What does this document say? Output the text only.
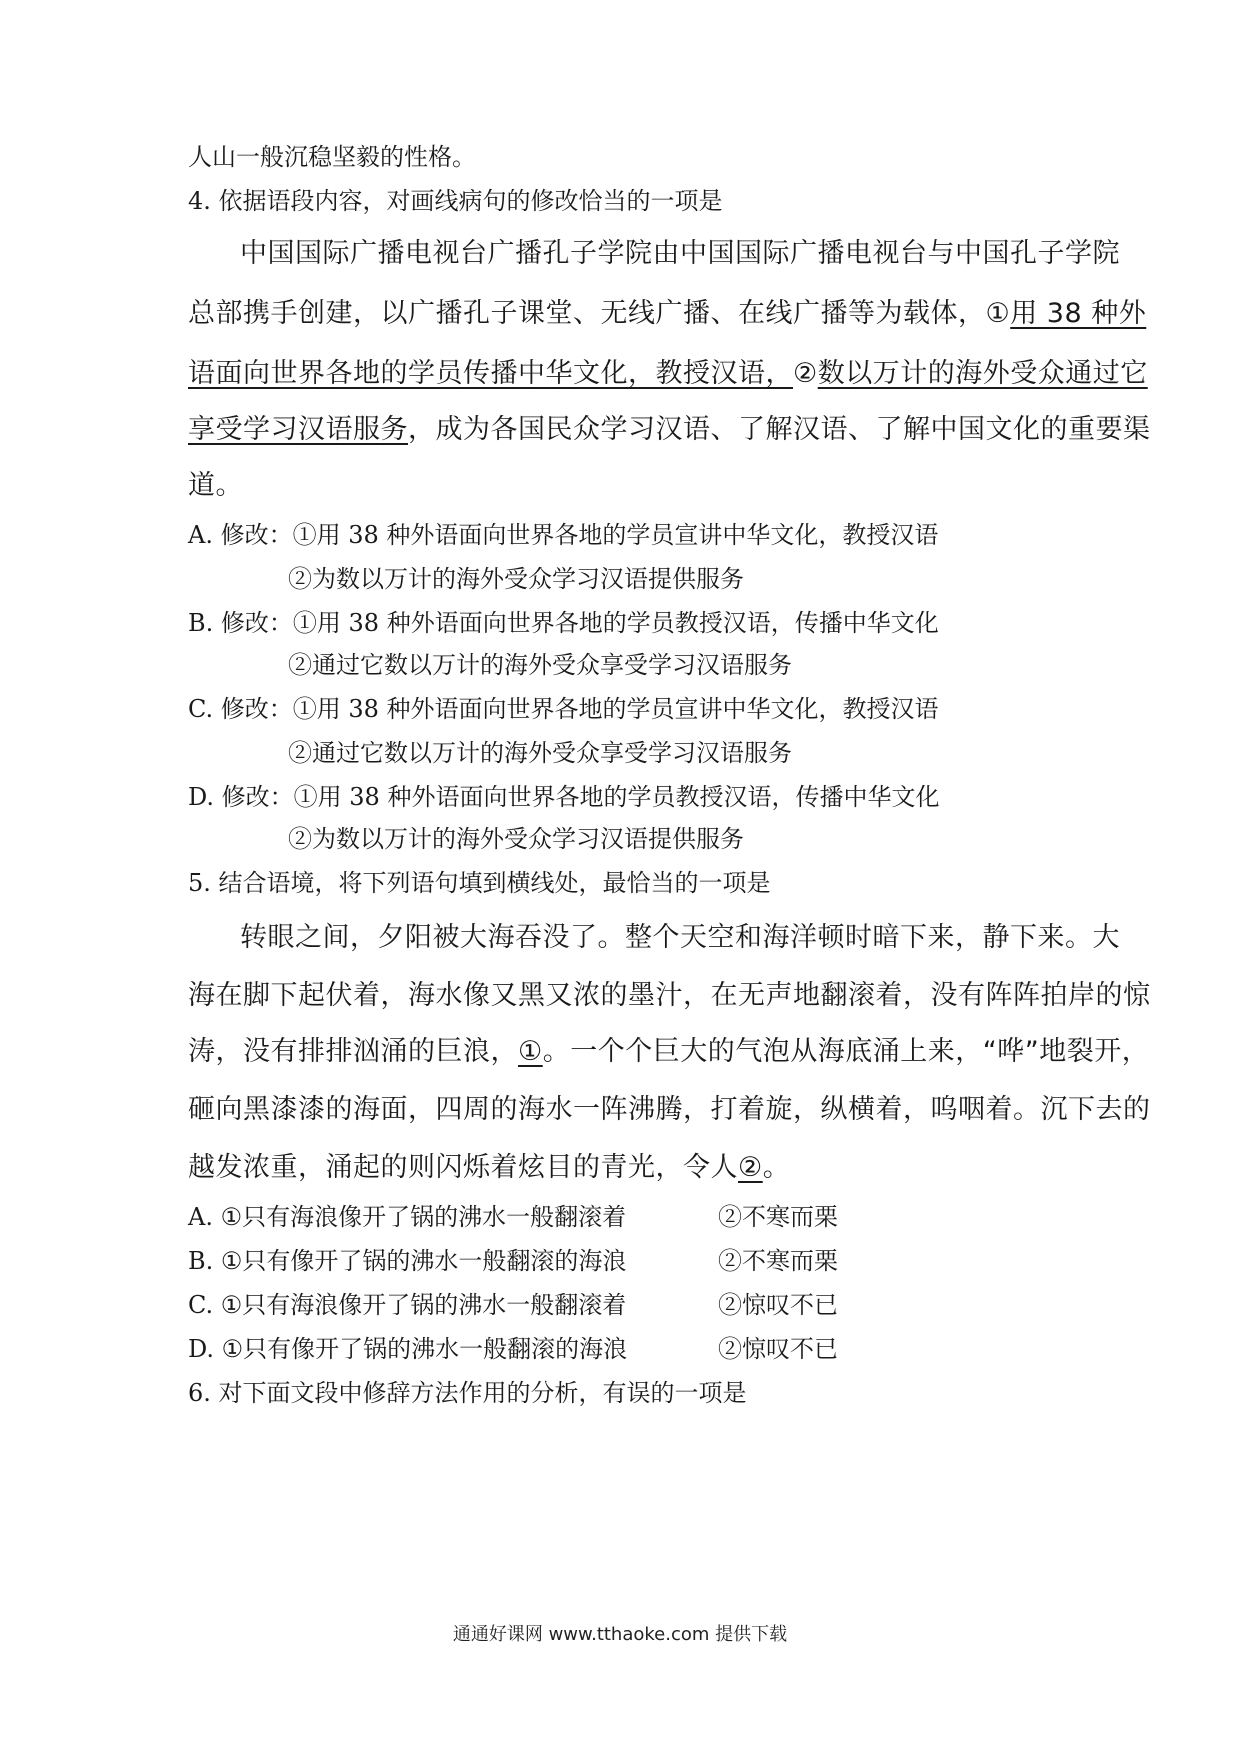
人山一般沉稳坚毅的性格。
4. 依据语段内容，对画线病句的修改恰当的一项是
中国国际广播电视台广播孔子学院由中国国际广播电视台与中国孔子学院
总部携手创建，以广播孔子课堂、无线广播、在线广播等为载体，①用 38 种外
语面向世界各地的学员传播中华文化，教授汉语，②数以万计的海外受众通过它
享受学习汉语服务，成为各国民众学习汉语、了解汉语、了解中国文化的重要渠
道。
A. 修改：①用 38 种外语面向世界各地的学员宣讲中华文化，教授汉语
②为数以万计的海外受众学习汉语提供服务
B. 修改：①用 38 种外语面向世界各地的学员教授汉语，传播中华文化
②通过它数以万计的海外受众享受学习汉语服务
C. 修改：①用 38 种外语面向世界各地的学员宣讲中华文化，教授汉语
②通过它数以万计的海外受众享受学习汉语服务
D. 修改：①用 38 种外语面向世界各地的学员教授汉语，传播中华文化
②为数以万计的海外受众学习汉语提供服务
5. 结合语境，将下列语句填到横线处，最恰当的一项是
转眼之间，夕阳被大海吞没了。整个天空和海洋顿时暗下来，静下来。大
海在脚下起伏着，海水像又黑又浓的墨汁，在无声地翻滚着，没有阵阵拍岸的惊
涛，没有排排汹涌的巨浪，①。一个个巨大的气泡从海底涌上来，“哗”地裂开，
砸向黑漆漆的海面，四周的海水一阵沸腾，打着旋，纵横着，呜咽着。沉下去的
越发浓重，涌起的则闪烁着炫目的青光，令人②。
A. ①只有海浪像开了锅的沸水一般翻滚着	②不寒而栗
B. ①只有像开了锅的沸水一般翻滚的海浪	②不寒而栗
C. ①只有海浪像开了锅的沸水一般翻滚着	②惊叹不已
D. ①只有像开了锅的沸水一般翻滚的海浪	②惊叹不已
6. 对下面文段中修辞方法作用的分析，有误的一项是
通通好课网 www.tthaoke.com 提供下载
